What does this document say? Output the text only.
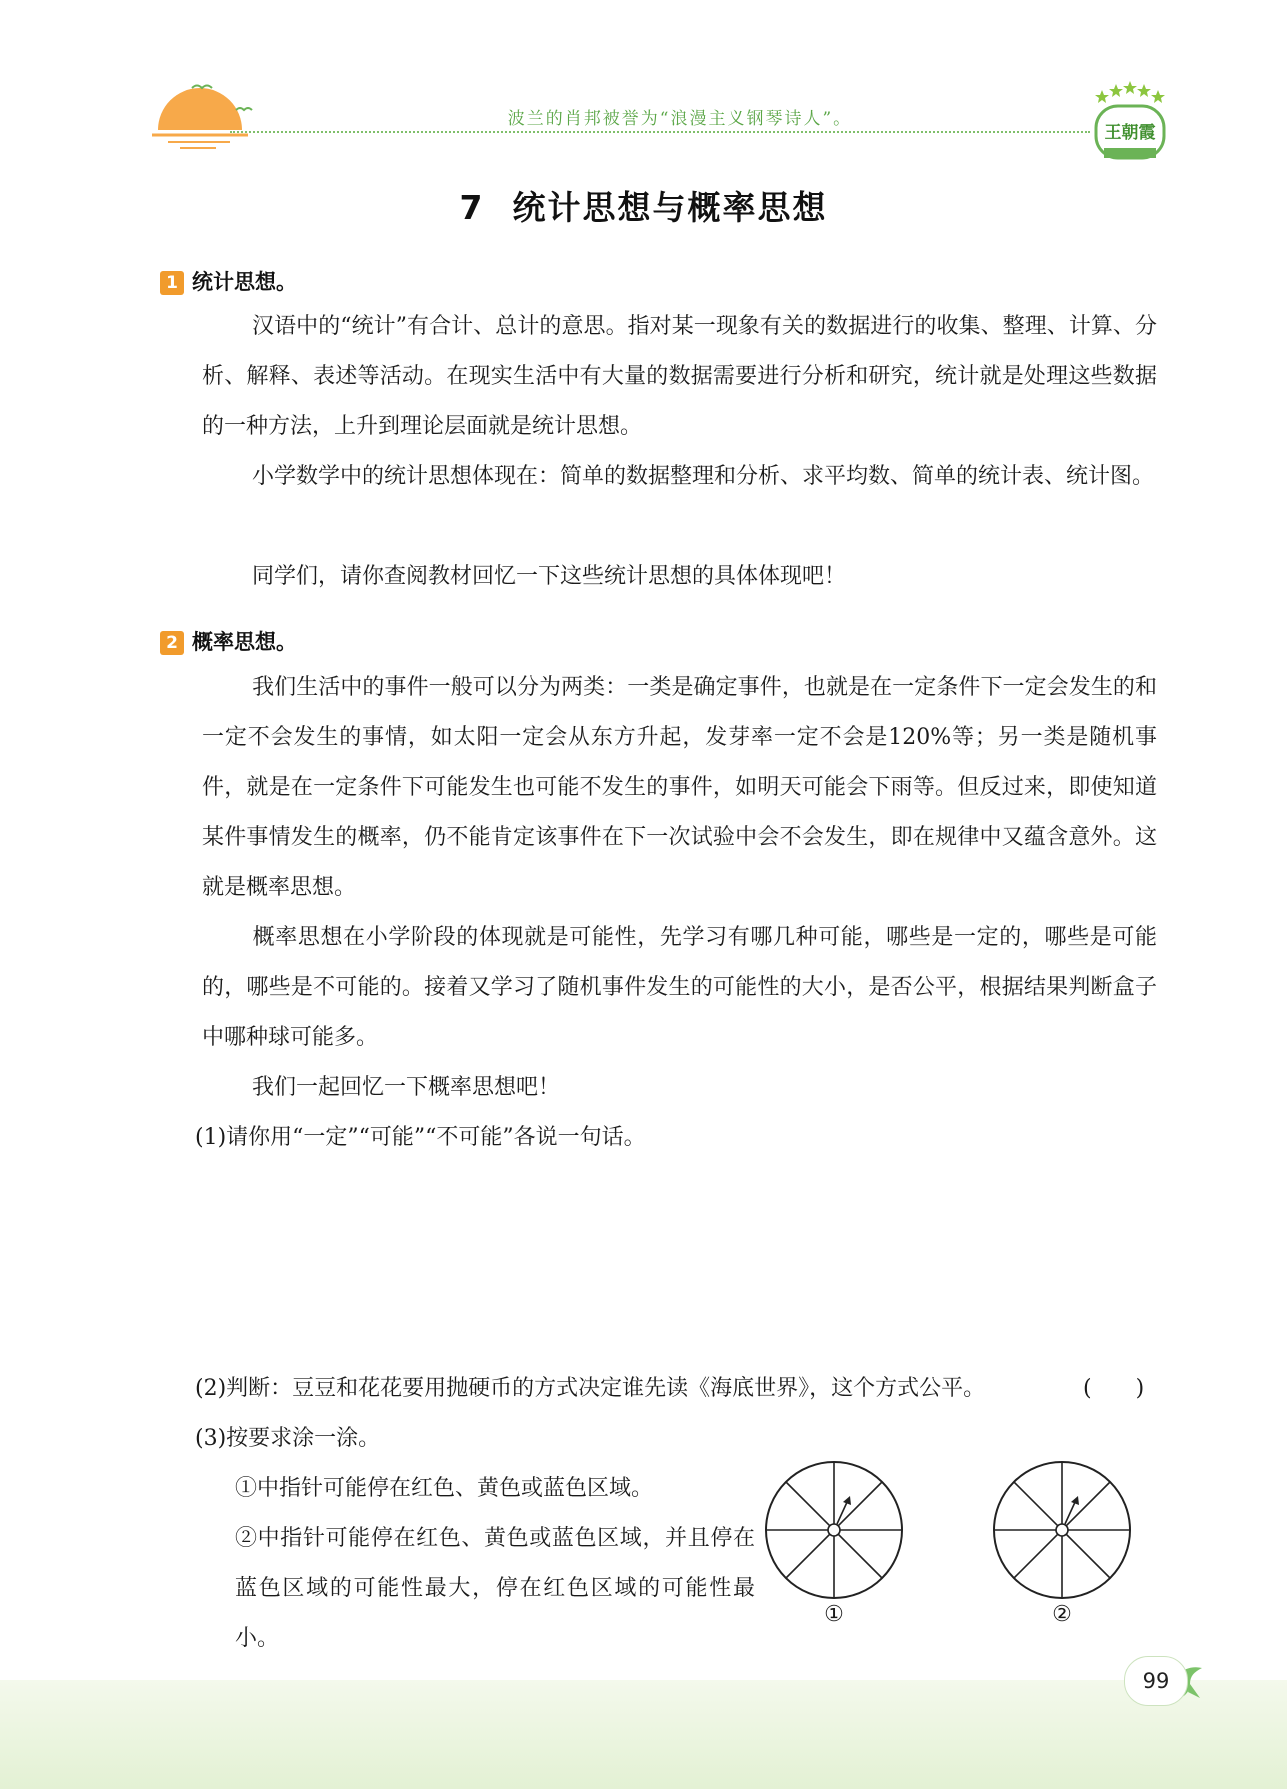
波兰的肖邦被誉为“浪漫主义钢琴诗人”。
王朝霞
7 统计思想与概率思想
1 统计思想。
汉语中的“统计”有合计、总计的意思。指对某一现象有关的数据进行的收集、整理、计算、分析、解释、表述等活动。在现实生活中有大量的数据需要进行分析和研究，统计就是处理这些数据的一种方法，上升到理论层面就是统计思想。
小学数学中的统计思想体现在：简单的数据整理和分析、求平均数、简单的统计表、统计图。
同学们，请你查阅教材回忆一下这些统计思想的具体体现吧！
2 概率思想。
我们生活中的事件一般可以分为两类：一类是确定事件，也就是在一定条件下一定会发生的和一定不会发生的事情，如太阳一定会从东方升起，发芽率一定不会是120%等；另一类是随机事件，就是在一定条件下可能发生也可能不发生的事件，如明天可能会下雨等。但反过来，即使知道某件事情发生的概率，仍不能肯定该事件在下一次试验中会不会发生，即在规律中又蕴含意外。这就是概率思想。
概率思想在小学阶段的体现就是可能性，先学习有哪几种可能，哪些是一定的，哪些是可能的，哪些是不可能的。接着又学习了随机事件发生的可能性的大小，是否公平，根据结果判断盒子中哪种球可能多。
我们一起回忆一下概率思想吧！
(1)请你用“一定”“可能”“不可能”各说一句话。
(2)判断：豆豆和花花要用抛硬币的方式决定谁先读《海底世界》，这个方式公平。	(　　)
(3)按要求涂一涂。
①中指针可能停在红色、黄色或蓝色区域。
②中指针可能停在红色、黄色或蓝色区域，并且停在蓝色区域的可能性最大，停在红色区域的可能性最小。
①	②
99
